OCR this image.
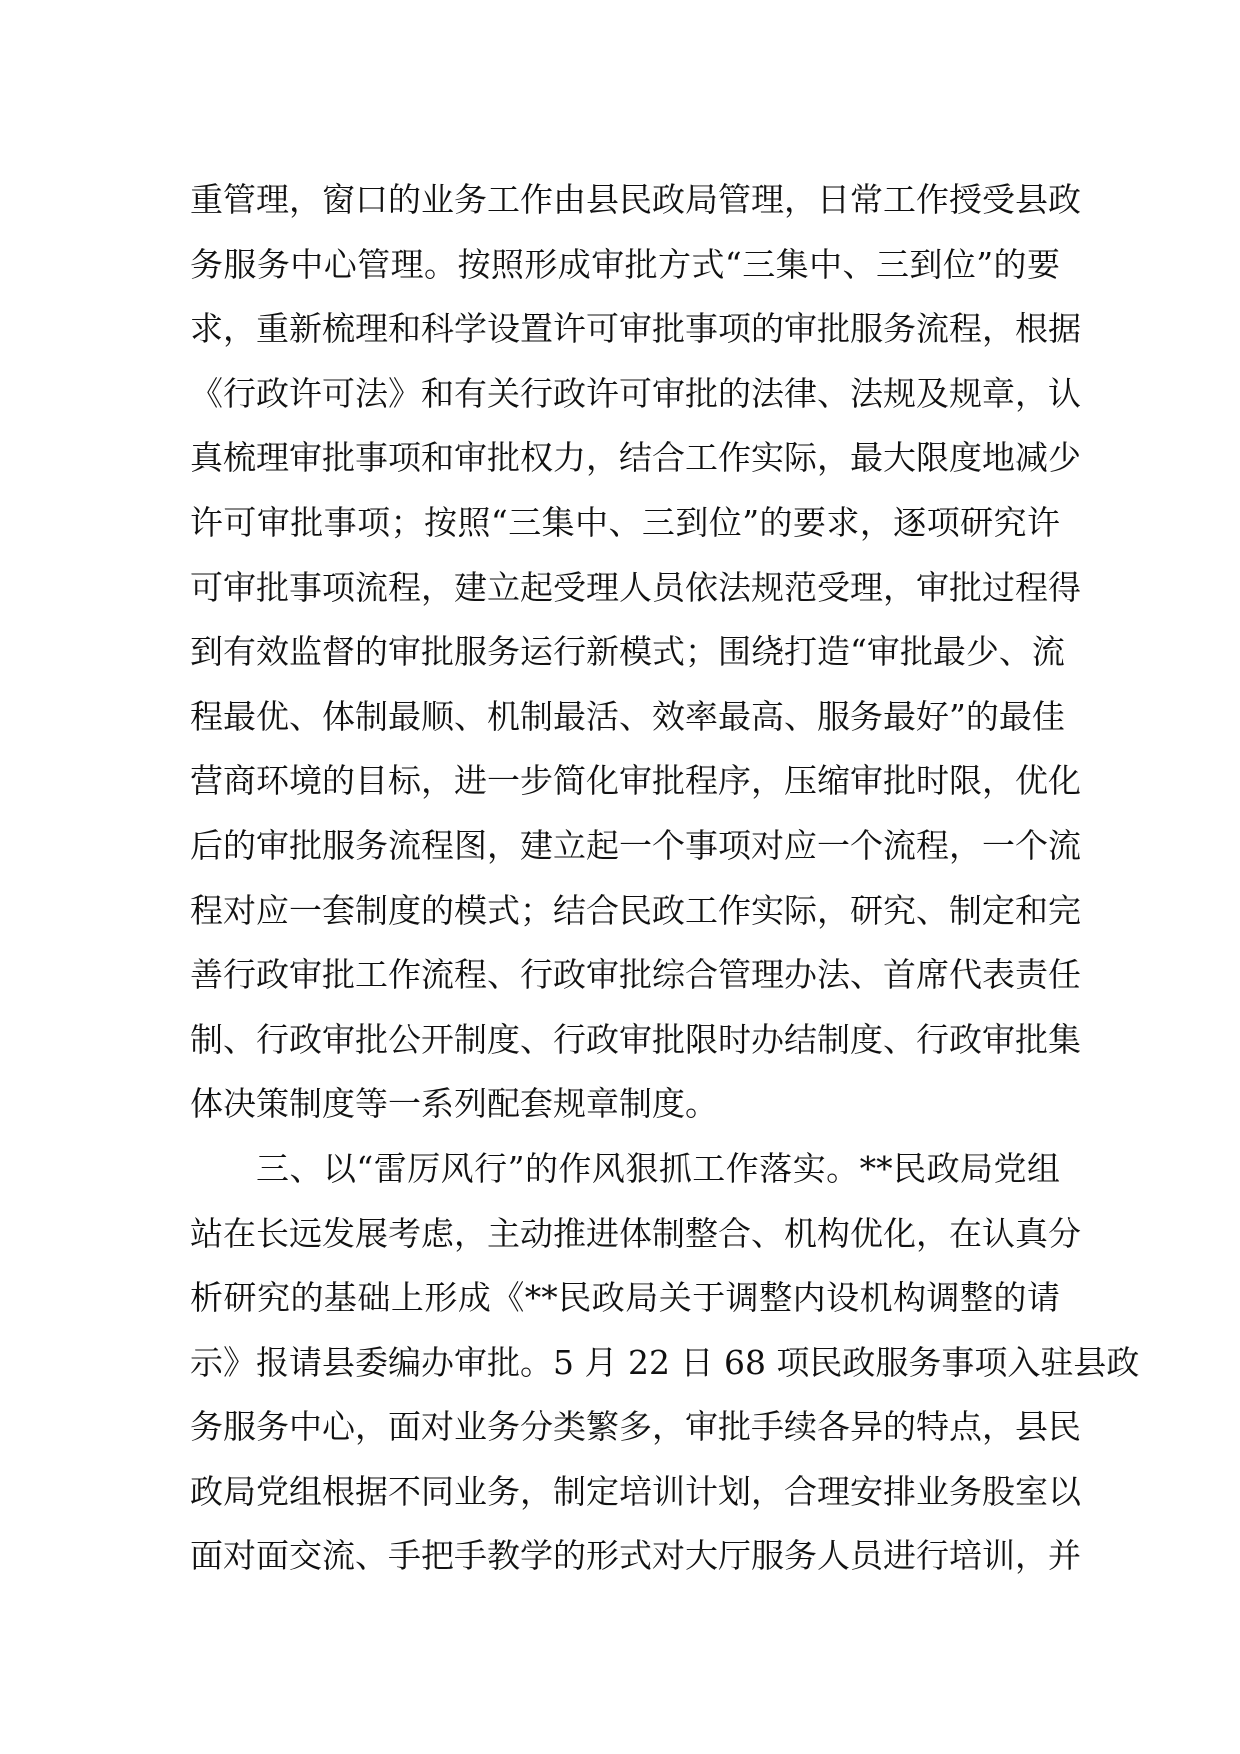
重管理，窗口的业务工作由县民政局管理，日常工作授受县政
务服务中心管理。按照形成审批方式“三集中、三到位”的要
求，重新梳理和科学设置许可审批事项的审批服务流程，根据
《行政许可法》和有关行政许可审批的法律、法规及规章，认
真梳理审批事项和审批权力，结合工作实际，最大限度地减少
许可审批事项；按照“三集中、三到位”的要求，逐项研究许
可审批事项流程，建立起受理人员依法规范受理，审批过程得
到有效监督的审批服务运行新模式；围绕打造“审批最少、流
程最优、体制最顺、机制最活、效率最高、服务最好”的最佳
营商环境的目标，进一步简化审批程序，压缩审批时限，优化
后的审批服务流程图，建立起一个事项对应一个流程，一个流
程对应一套制度的模式；结合民政工作实际，研究、制定和完
善行政审批工作流程、行政审批综合管理办法、首席代表责任
制、行政审批公开制度、行政审批限时办结制度、行政审批集
体决策制度等一系列配套规章制度。
三、以“雷厉风行”的作风狠抓工作落实。**民政局党组
站在长远发展考虑，主动推进体制整合、机构优化，在认真分
析研究的基础上形成《**民政局关于调整内设机构调整的请
示》报请县委编办审批。5 月 22 日 68 项民政服务事项入驻县政
务服务中心，面对业务分类繁多，审批手续各异的特点，县民
政局党组根据不同业务，制定培训计划，合理安排业务股室以
面对面交流、手把手教学的形式对大厅服务人员进行培训，并
